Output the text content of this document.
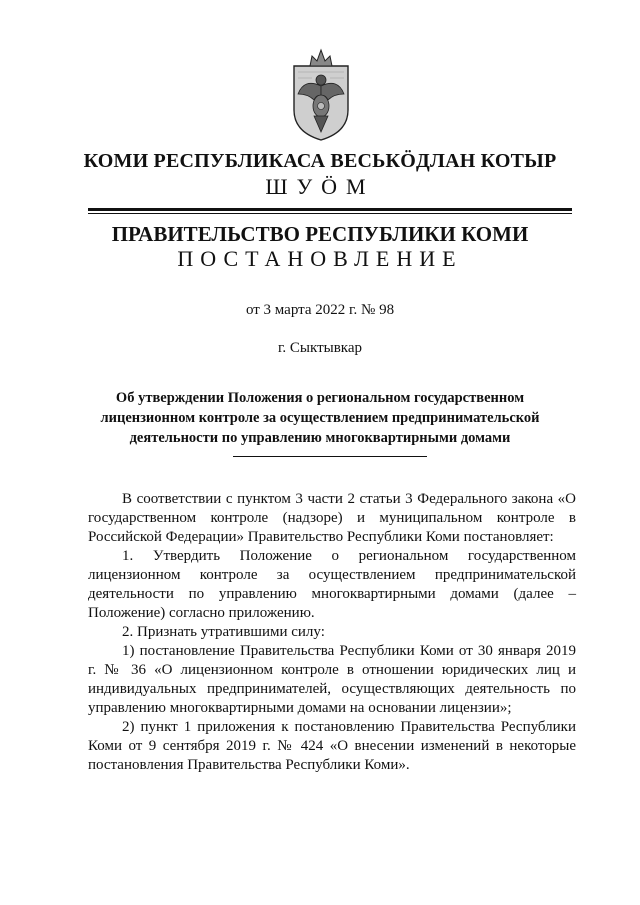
КОМИ РЕСПУБЛИКАСА ВЕСЬКӦДЛАН КОТЫР
ШУӦМ
ПРАВИТЕЛЬСТВО РЕСПУБЛИКИ КОМИ
ПОСТАНОВЛЕНИЕ
от 3 марта 2022 г. № 98
г. Сыктывкар
Об утверждении Положения о региональном государственном
лицензионном контроле за осуществлением предпринимательской
деятельности по управлению многоквартирными домами

В соответствии с пунктом 3 части 2 статьи 3 Федерального закона «О государственном контроле (надзоре) и муниципальном контроле в Российской Федерации» Правительство Республики Коми постановляет:

1. Утвердить Положение о региональном государственном лицензионном контроле за осуществлением предпринимательской деятельности по управлению многоквартирными домами (далее – Положение) согласно приложению.

2. Признать утратившими силу:

1) постановление Правительства Республики Коми от 30 января 2019 г. № 36 «О лицензионном контроле в отношении юридических лиц и индивидуальных предпринимателей, осуществляющих деятельность по управлению многоквартирными домами на основании лицензии»;

2) пункт 1 приложения к постановлению Правительства Республики Коми от 9 сентября 2019 г. № 424 «О внесении изменений в некоторые постановления Правительства Республики Коми».
